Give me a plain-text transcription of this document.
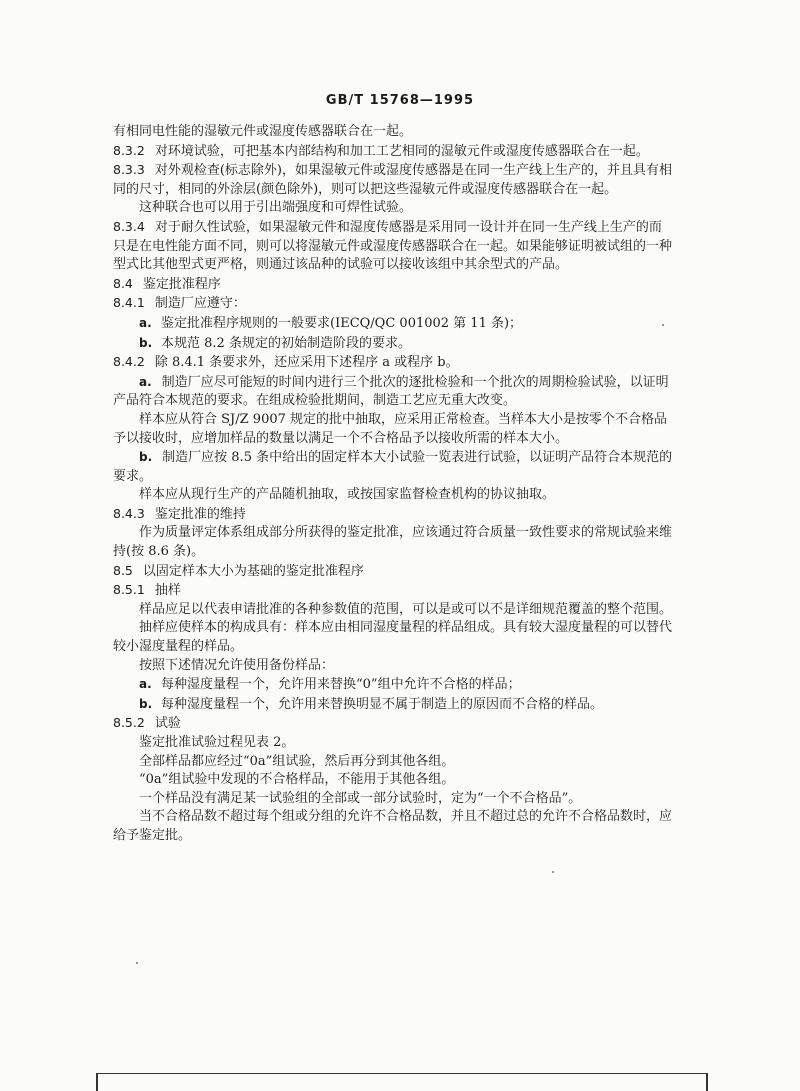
GB/T 15768—1995

有相同电性能的湿敏元件或湿度传感器联合在一起。

8.3.2 对环境试验，可把基本内部结构和加工工艺相同的湿敏元件或湿度传感器联合在一起。

8.3.3 对外观检查(标志除外)，如果湿敏元件或湿度传感器是在同一生产线上生产的，并且具有相同的尺寸，相同的外涂层(颜色除外)，则可以把这些湿敏元件或湿度传感器联合在一起。

这种联合也可以用于引出端强度和可焊性试验。

8.3.4 对于耐久性试验，如果湿敏元件和湿度传感器是采用同一设计并在同一生产线上生产的而只是在电性能方面不同，则可以将湿敏元件或湿度传感器联合在一起。如果能够证明被试组的一种型式比其他型式更严格，则通过该品种的试验可以接收该组中其余型式的产品。

8.4 鉴定批准程序

8.4.1 制造厂应遵守：

a. 鉴定批准程序规则的一般要求(IECQ/QC 001002 第 11 条)；

b. 本规范 8.2 条规定的初始制造阶段的要求。

8.4.2 除 8.4.1 条要求外，还应采用下述程序 a 或程序 b。

a. 制造厂应尽可能短的时间内进行三个批次的逐批检验和一个批次的周期检验试验，以证明产品符合本规范的要求。在组成检验批期间，制造工艺应无重大改变。

样本应从符合 SJ/Z 9007 规定的批中抽取，应采用正常检查。当样本大小是按零个不合格品予以接收时，应增加样品的数量以满足一个不合格品予以接收所需的样本大小。

b. 制造厂应按 8.5 条中给出的固定样本大小试验一览表进行试验，以证明产品符合本规范的要求。

样本应从现行生产的产品随机抽取，或按国家监督检查机构的协议抽取。

8.4.3 鉴定批准的维持

作为质量评定体系组成部分所获得的鉴定批准，应该通过符合质量一致性要求的常规试验来维持(按 8.6 条)。

8.5 以固定样本大小为基础的鉴定批准程序

8.5.1 抽样

样品应足以代表申请批准的各种参数值的范围，可以是或可以不是详细规范覆盖的整个范围。

抽样应使样本的构成具有：样本应由相同湿度量程的样品组成。具有较大湿度量程的可以替代较小湿度量程的样品。

按照下述情况允许使用备份样品：

a. 每种湿度量程一个，允许用来替换“0”组中允许不合格的样品；

b. 每种湿度量程一个，允许用来替换明显不属于制造上的原因而不合格的样品。

8.5.2 试验

鉴定批准试验过程见表 2。

全部样品都应经过“0a”组试验，然后再分到其他各组。

“0a”组试验中发现的不合格样品，不能用于其他各组。

一个样品没有满足某一试验组的全部或一部分试验时，定为“一个不合格品”。

当不合格品数不超过每个组或分组的允许不合格品数，并且不超过总的允许不合格品数时，应给予鉴定批。
